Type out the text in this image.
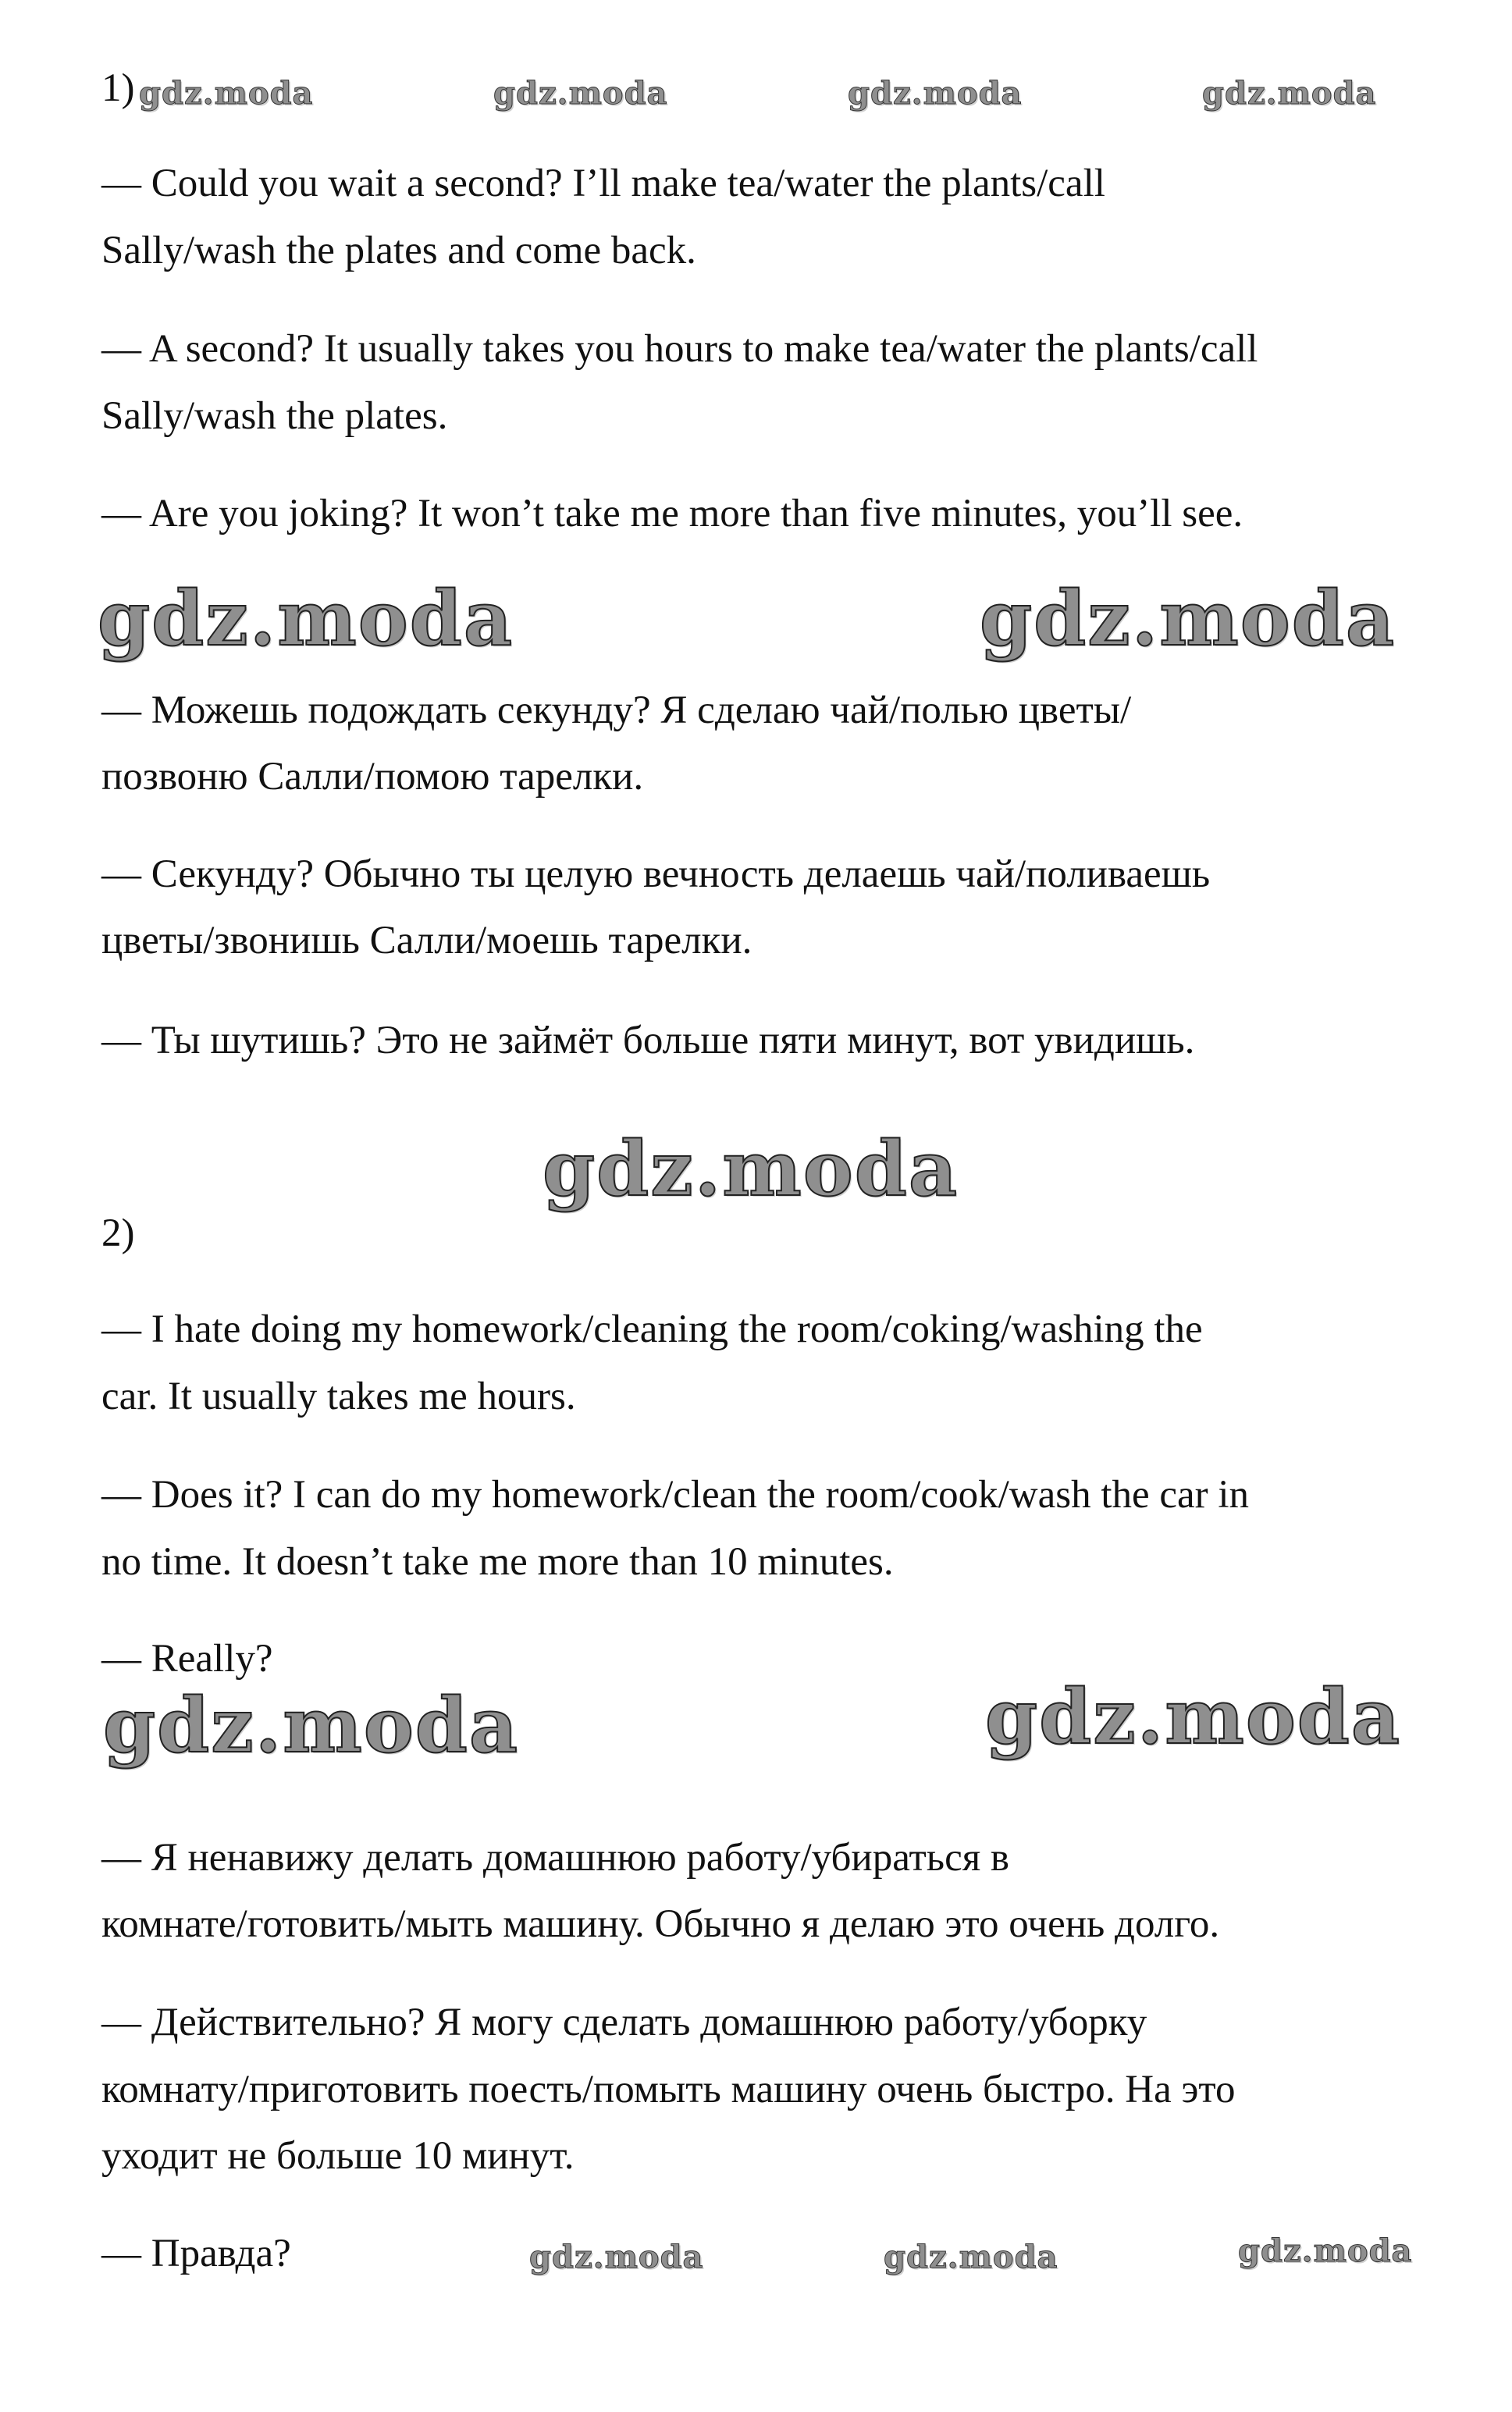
1) gdz.moda	gdz.moda	gdz.moda	gdz.moda
— Could you wait a second? I’ll make tea/water the plants/call
Sally/wash the plates and come back.
— A second? It usually takes you hours to make tea/water the plants/call
Sally/wash the plates.
— Are you joking? It won’t take me more than five minutes, you’ll see.
gdz.moda	gdz.moda
— Можешь подождать секунду? Я сделаю чай/полью цветы/
позвоню Салли/помою тарелки.
— Секунду? Обычно ты целую вечность делаешь чай/поливаешь
цветы/звонишь Салли/моешь тарелки.
— Ты шутишь? Это не займёт больше пяти минут, вот увидишь.
gdz.moda
2)
— I hate doing my homework/cleaning the room/coking/washing the
car. It usually takes me hours.
— Does it? I can do my homework/clean the room/cook/wash the car in
no time. It doesn’t take me more than 10 minutes.
— Really?
gdz.moda	gdz.moda
— Я ненавижу делать домашнюю работу/убираться в
комнате/готовить/мыть машину. Обычно я делаю это очень долго.
— Действительно? Я могу сделать домашнюю работу/уборку
комнату/приготовить поесть/помыть машину очень быстро. На это
уходит не больше 10 минут.
— Правда?	gdz.moda	gdz.moda	gdz.moda
